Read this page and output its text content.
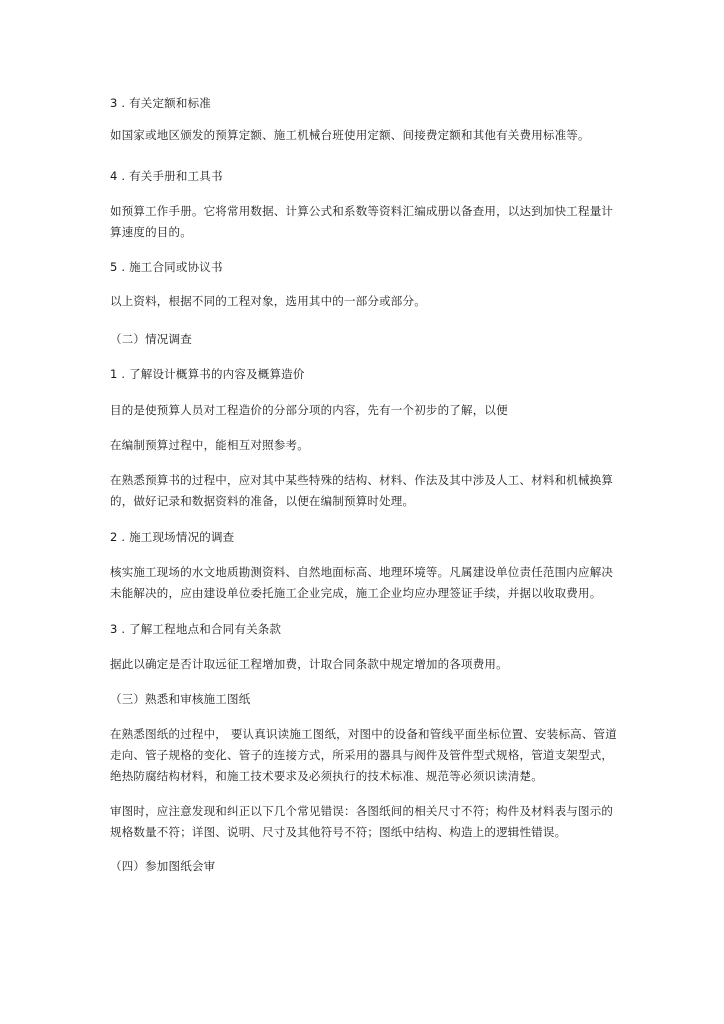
3 . 有关定额和标准
如国家或地区颁发的预算定额、施工机械台班使用定额、间接费定额和其他有关费用标准等。
4 . 有关手册和工具书
如预算工作手册。它将常用数据、计算公式和系数等资料汇编成册以备查用，以达到加快工程量计算速度的目的。
5 . 施工合同或协议书
以上资料，根据不同的工程对象，选用其中的一部分或部分。
（二）情况调查
1 . 了解设计概算书的内容及概算造价
目的是使预算人员对工程造价的分部分项的内容，先有一个初步的了解，以便
在编制预算过程中，能相互对照参考。
在熟悉预算书的过程中，应对其中某些特殊的结构、材料、作法及其中涉及人工、材料和机械换算的，做好记录和数据资料的准备，以便在编制预算时处理。
2 . 施工现场情况的调查
核实施工现场的水文地质勘测资料、自然地面标高、地理环境等。凡属建设单位责任范围内应解决未能解决的，应由建设单位委托施工企业完成，施工企业均应办理签证手续，并据以收取费用。
3 . 了解工程地点和合同有关条款
据此以确定是否计取远征工程增加费，计取合同条款中规定增加的各项费用。
（三）熟悉和审核施工图纸
在熟悉图纸的过程中， 要认真识读施工图纸，对图中的设备和管线平面坐标位置、安装标高、管道走向、管子规格的变化、管子的连接方式，所采用的器具与阀件及管件型式规格，管道支架型式，绝热防腐结构材料，和施工技术要求及必须执行的技术标准、规范等必须识读清楚。
审图时，应注意发现和纠正以下几个常见错误：各图纸间的相关尺寸不符；构件及材料表与图示的规格数量不符；详图、说明、尺寸及其他符号不符；图纸中结构、构造上的逻辑性错误。
（四）参加图纸会审
